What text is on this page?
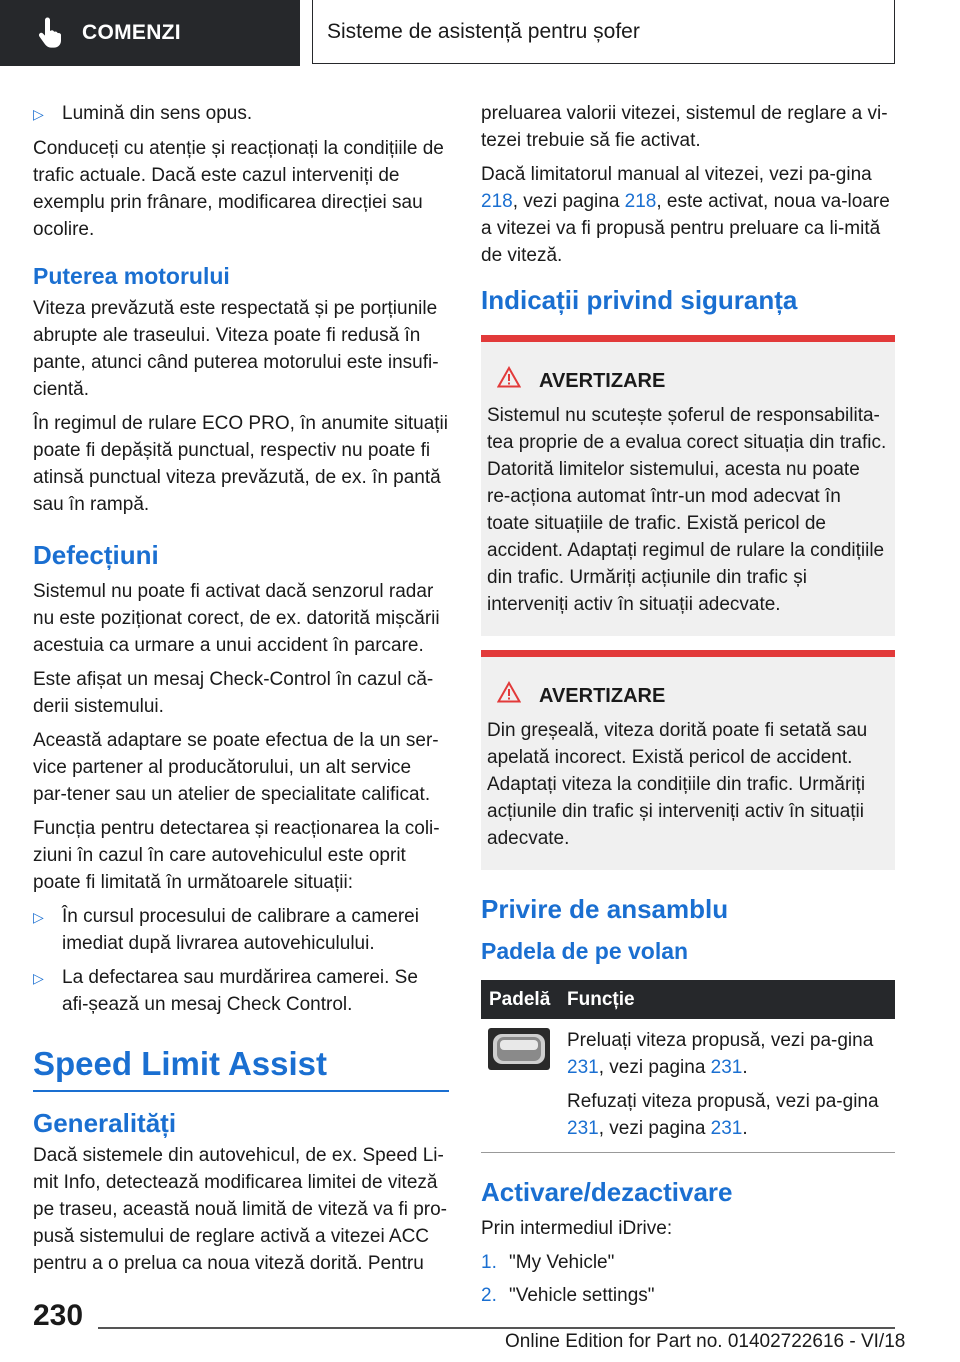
COMENZI	Sisteme de asistență pentru șofer
▷ Lumină din sens opus.

Conduceți cu atenție și reacționați la condițiile de trafic actuale. Dacă este cazul interveniți de exemplu prin frânare, modificarea direcției sau ocolire.

Puterea motorului

Viteza prevăzută este respectată și pe porțiunile abrupte ale traseului. Viteza poate fi redusă în pante, atunci când puterea motorului este insufi‐cientă.

În regimul de rulare ECO PRO, în anumite situații poate fi depășită punctual, respectiv nu poate fi atinsă punctual viteza prevăzută, de ex. în pantă sau în rampă.

Defecțiuni

Sistemul nu poate fi activat dacă senzorul radar nu este poziționat corect, de ex. datorită mișcării acestuia ca urmare a unui accident în parcare.

Este afișat un mesaj Check-Control în cazul că‐derii sistemului.

Această adaptare se poate efectua de la un ser‐vice partener al producătorului, un alt service par‐tener sau un atelier de specialitate calificat.

Funcția pentru detectarea și reacționarea la coli‐ziuni în cazul în care autovehiculul este oprit poate fi limitată în următoarele situații:

▷ În cursul procesului de calibrare a camerei imediat după livrarea autovehiculului.
▷ La defectarea sau murdărirea camerei. Se afi‐șează un mesaj Check Control.
Speed Limit Assist
Generalități

Dacă sistemele din autovehicul, de ex. Speed Li‐mit Info, detectează modificarea limitei de viteză pe traseu, această nouă limită de viteză va fi pro‐pusă sistemului de reglare activă a vitezei ACC pentru a o prelua ca noua viteză dorită. Pentru

preluarea valorii vitezei, sistemul de reglare a vi‐tezei trebuie să fie activat.

Dacă limitatorul manual al vitezei, vezi pa‐gina 218, vezi pagina 218, este activat, noua va‐loare a vitezei va fi propusă pentru preluare ca li‐mită de viteză.

Indicații privind siguranța
AVERTIZARE

Sistemul nu scutește șoferul de responsabilita‐tea proprie de a evalua corect situația din trafic. Datorită limitelor sistemului, acesta nu poate re‐acționa automat într-un mod adecvat în toate situațiile de trafic. Există pericol de accident. Adaptați regimul de rulare la condițiile din trafic. Urmăriți acțiunile din trafic și interveniți activ în situații adecvate.

AVERTIZARE

Din greșeală, viteza dorită poate fi setată sau apelată incorect. Există pericol de accident. Adaptați viteza la condițiile din trafic. Urmăriți acțiunile din trafic și interveniți activ în situații adecvate.

Privire de ansamblu
Padela de pe volan
Padelă	Funcție

Preluați viteza propusă, vezi pa‐gina 231, vezi pagina 231.

Refuzați viteza propusă, vezi pa‐gina 231, vezi pagina 231.

Activare/dezactivare

Prin intermediul iDrive:

1. "My Vehicle"
2. "Vehicle settings"
230
Online Edition for Part no. 01402722616 - VI/18
